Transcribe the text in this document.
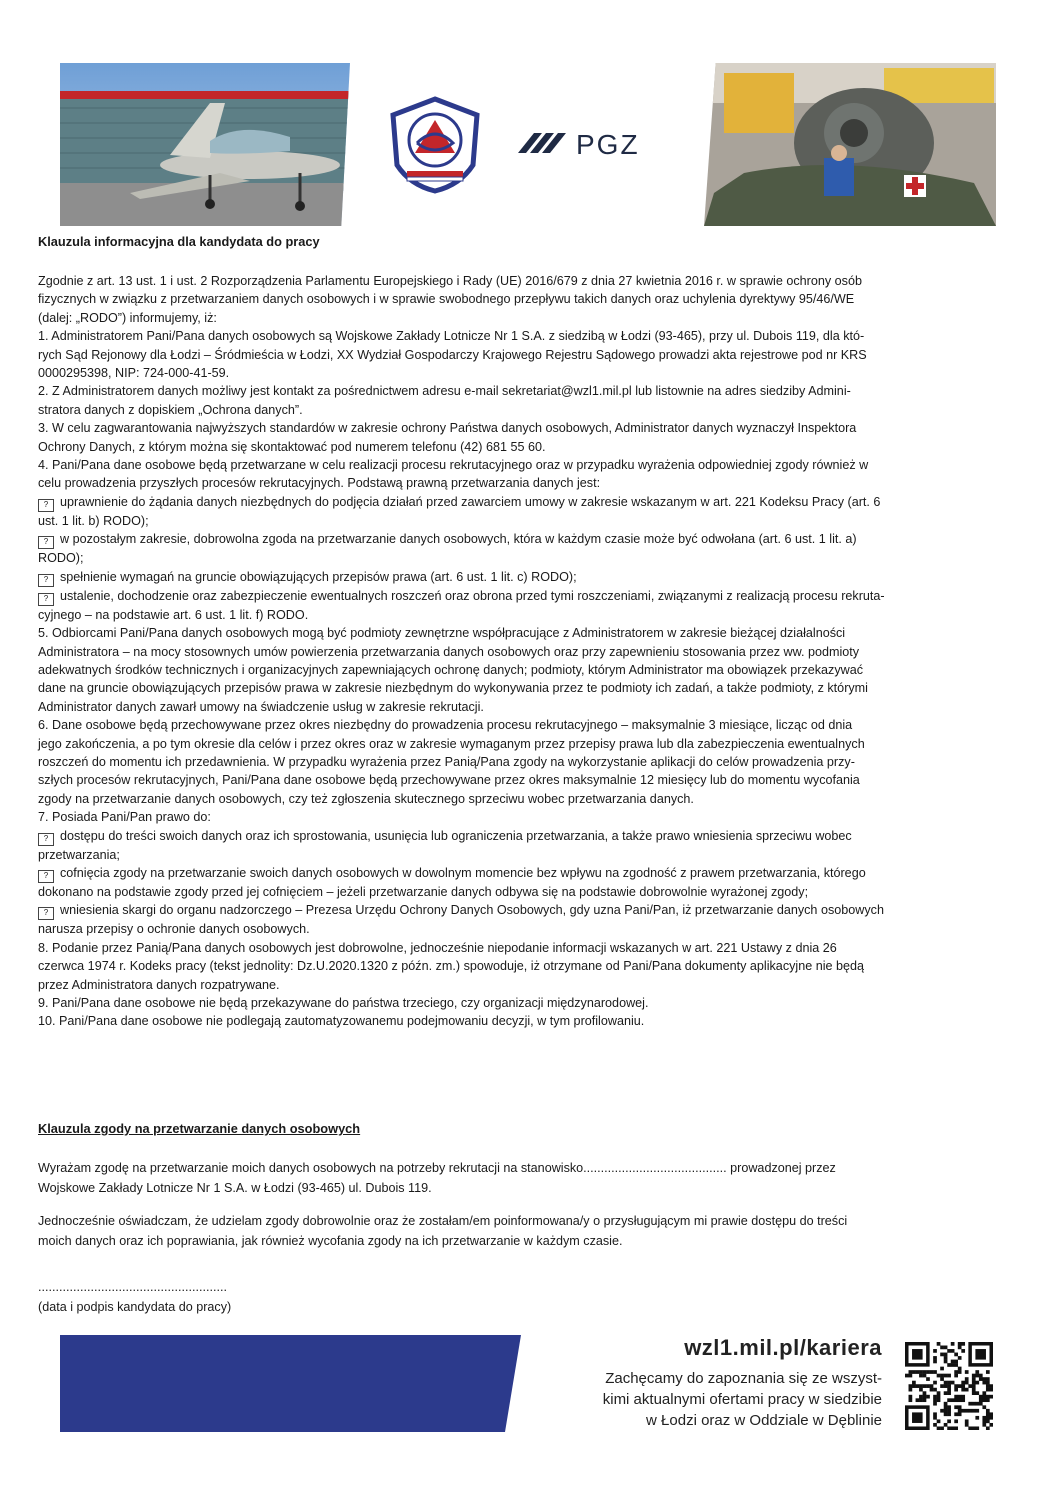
PGZ
Klauzula informacyjna dla kandydata do pracy

Zgodnie z art. 13 ust. 1 i ust. 2 Rozporządzenia Parlamentu Europejskiego i Rady (UE) 2016/679 z dnia 27 kwietnia 2016 r. w sprawie ochrony osób

fizycznych w związku z przetwarzaniem danych osobowych i w sprawie swobodnego przepływu takich danych oraz uchylenia dyrektywy 95/46/WE

(dalej: „RODO”) informujemy, iż:

1. Administratorem Pani/Pana danych osobowych są Wojskowe Zakłady Lotnicze Nr 1 S.A. z siedzibą w Łodzi (93-465), przy ul. Dubois 119, dla któ-

rych Sąd Rejonowy dla Łodzi – Śródmieścia w Łodzi, XX Wydział Gospodarczy Krajowego Rejestru Sądowego prowadzi akta rejestrowe pod nr KRS

0000295398, NIP: 724-000-41-59.

2. Z Administratorem danych możliwy jest kontakt za pośrednictwem adresu e-mail sekretariat@wzl1.mil.pl lub listownie na adres siedziby Admini-

stratora danych z dopiskiem „Ochrona danych”.

3. W celu zagwarantowania najwyższych standardów w zakresie ochrony Państwa danych osobowych, Administrator danych wyznaczył Inspektora

Ochrony Danych, z którym można się skontaktować pod numerem telefonu (42) 681 55 60.

4. Pani/Pana dane osobowe będą przetwarzane w celu realizacji procesu rekrutacyjnego oraz w przypadku wyrażenia odpowiedniej zgody również w

celu prowadzenia przyszłych procesów rekrutacyjnych. Podstawą prawną przetwarzania danych jest:

? uprawnienie do żądania danych niezbędnych do podjęcia działań przed zawarciem umowy w zakresie wskazanym w art. 221 Kodeksu Pracy (art. 6

ust. 1 lit. b) RODO);

? w pozostałym zakresie, dobrowolna zgoda na przetwarzanie danych osobowych, która w każdym czasie może być odwołana (art. 6 ust. 1 lit. a)

RODO);

? spełnienie wymagań na gruncie obowiązujących przepisów prawa (art. 6 ust. 1 lit. c) RODO);

? ustalenie, dochodzenie oraz zabezpieczenie ewentualnych roszczeń oraz obrona przed tymi roszczeniami, związanymi z realizacją procesu rekruta-

cyjnego – na podstawie art. 6 ust. 1 lit. f) RODO.

5. Odbiorcami Pani/Pana danych osobowych mogą być podmioty zewnętrzne współpracujące z Administratorem w zakresie bieżącej działalności

Administratora – na mocy stosownych umów powierzenia przetwarzania danych osobowych oraz przy zapewnieniu stosowania przez ww. podmioty

adekwatnych środków technicznych i organizacyjnych zapewniających ochronę danych; podmioty, którym Administrator ma obowiązek przekazywać

dane na gruncie obowiązujących przepisów prawa w zakresie niezbędnym do wykonywania przez te podmioty ich zadań, a także podmioty, z którymi

Administrator danych zawarł umowy na świadczenie usług w zakresie rekrutacji.

6. Dane osobowe będą przechowywane przez okres niezbędny do prowadzenia procesu rekrutacyjnego – maksymalnie 3 miesiące, licząc od dnia

jego zakończenia, a po tym okresie dla celów i przez okres oraz w zakresie wymaganym przez przepisy prawa lub dla zabezpieczenia ewentualnych

roszczeń do momentu ich przedawnienia. W przypadku wyrażenia przez Panią/Pana zgody na wykorzystanie aplikacji do celów prowadzenia przy-

szłych procesów rekrutacyjnych, Pani/Pana dane osobowe będą przechowywane przez okres maksymalnie 12 miesięcy lub do momentu wycofania

zgody na przetwarzanie danych osobowych, czy też zgłoszenia skutecznego sprzeciwu wobec przetwarzania danych.

7. Posiada Pani/Pan prawo do:

? dostępu do treści swoich danych oraz ich sprostowania, usunięcia lub ograniczenia przetwarzania, a także prawo wniesienia sprzeciwu wobec

przetwarzania;

? cofnięcia zgody na przetwarzanie swoich danych osobowych w dowolnym momencie bez wpływu na zgodność z prawem przetwarzania, którego

dokonano na podstawie zgody przed jej cofnięciem – jeżeli przetwarzanie danych odbywa się na podstawie dobrowolnie wyrażonej zgody;

? wniesienia skargi do organu nadzorczego – Prezesa Urzędu Ochrony Danych Osobowych, gdy uzna Pani/Pan, iż przetwarzanie danych osobowych

narusza przepisy o ochronie danych osobowych.

8. Podanie przez Panią/Pana danych osobowych jest dobrowolne, jednocześnie niepodanie informacji wskazanych w art. 221 Ustawy z dnia 26

czerwca 1974 r. Kodeks pracy (tekst jednolity: Dz.U.2020.1320 z późn. zm.) spowoduje, iż otrzymane od Pani/Pana dokumenty aplikacyjne nie będą

przez Administratora danych rozpatrywane.

9. Pani/Pana dane osobowe nie będą przekazywane do państwa trzeciego, czy organizacji międzynarodowej.

10. Pani/Pana dane osobowe nie podlegają zautomatyzowanemu podejmowaniu decyzji, w tym profilowaniu.

Klauzula zgody na przetwarzanie danych osobowych

Wyrażam zgodę na przetwarzanie moich danych osobowych na potrzeby rekrutacji na stanowisko......................................... prowadzonej przez

Wojskowe Zakłady Lotnicze Nr 1 S.A. w Łodzi (93-465) ul. Dubois 119.

Jednocześnie oświadczam, że udzielam zgody dobrowolnie oraz że zostałam/em poinformowana/y o przysługującym mi prawie dostępu do treści

moich danych oraz ich poprawiania, jak również wycofania zgody na ich przetwarzanie w każdym czasie.

......................................................

(data i podpis kandydata do pracy)

wzl1.mil.pl/kariera
Zachęcamy do zapoznania się ze wszyst-
kimi aktualnymi ofertami pracy w siedzibie
w Łodzi oraz w Oddziale w Dęblinie
